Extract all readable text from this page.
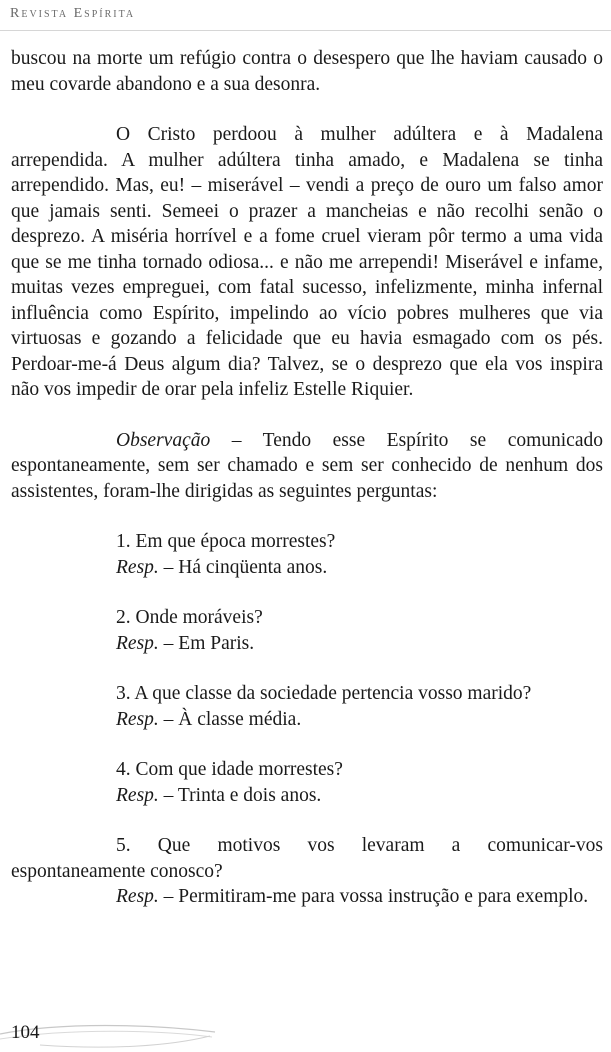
Revista Espírita

buscou na morte um refúgio contra o desespero que lhe haviam causado o meu covarde abandono e a sua desonra.

O Cristo perdoou à mulher adúltera e à Madalena arrependida. A mulher adúltera tinha amado, e Madalena se tinha arrependido. Mas, eu! – miserável – vendi a preço de ouro um falso amor que jamais senti. Semeei o prazer a mancheias e não recolhi senão o desprezo. A miséria horrível e a fome cruel vieram pôr termo a uma vida que se me tinha tornado odiosa... e não me arrependi! Miserável e infame, muitas vezes empreguei, com fatal sucesso, infelizmente, minha infernal influência como Espírito, impelindo ao vício pobres mulheres que via virtuosas e gozando a felicidade que eu havia esmagado com os pés. Perdoar-me-á Deus algum dia? Talvez, se o desprezo que ela vos inspira não vos impedir de orar pela infeliz Estelle Riquier.

Observação – Tendo esse Espírito se comunicado espontaneamente, sem ser chamado e sem ser conhecido de nenhum dos assistentes, foram-lhe dirigidas as seguintes perguntas:

1. Em que época morrestes?

Resp. – Há cinqüenta anos.

2. Onde moráveis?

Resp. – Em Paris.

3. A que classe da sociedade pertencia vosso marido?

Resp. – À classe média.

4. Com que idade morrestes?

Resp. – Trinta e dois anos.

5. Que motivos vos levaram a comunicar-vos espontaneamente conosco?

Resp. – Permitiram-me para vossa instrução e para exemplo.

104
